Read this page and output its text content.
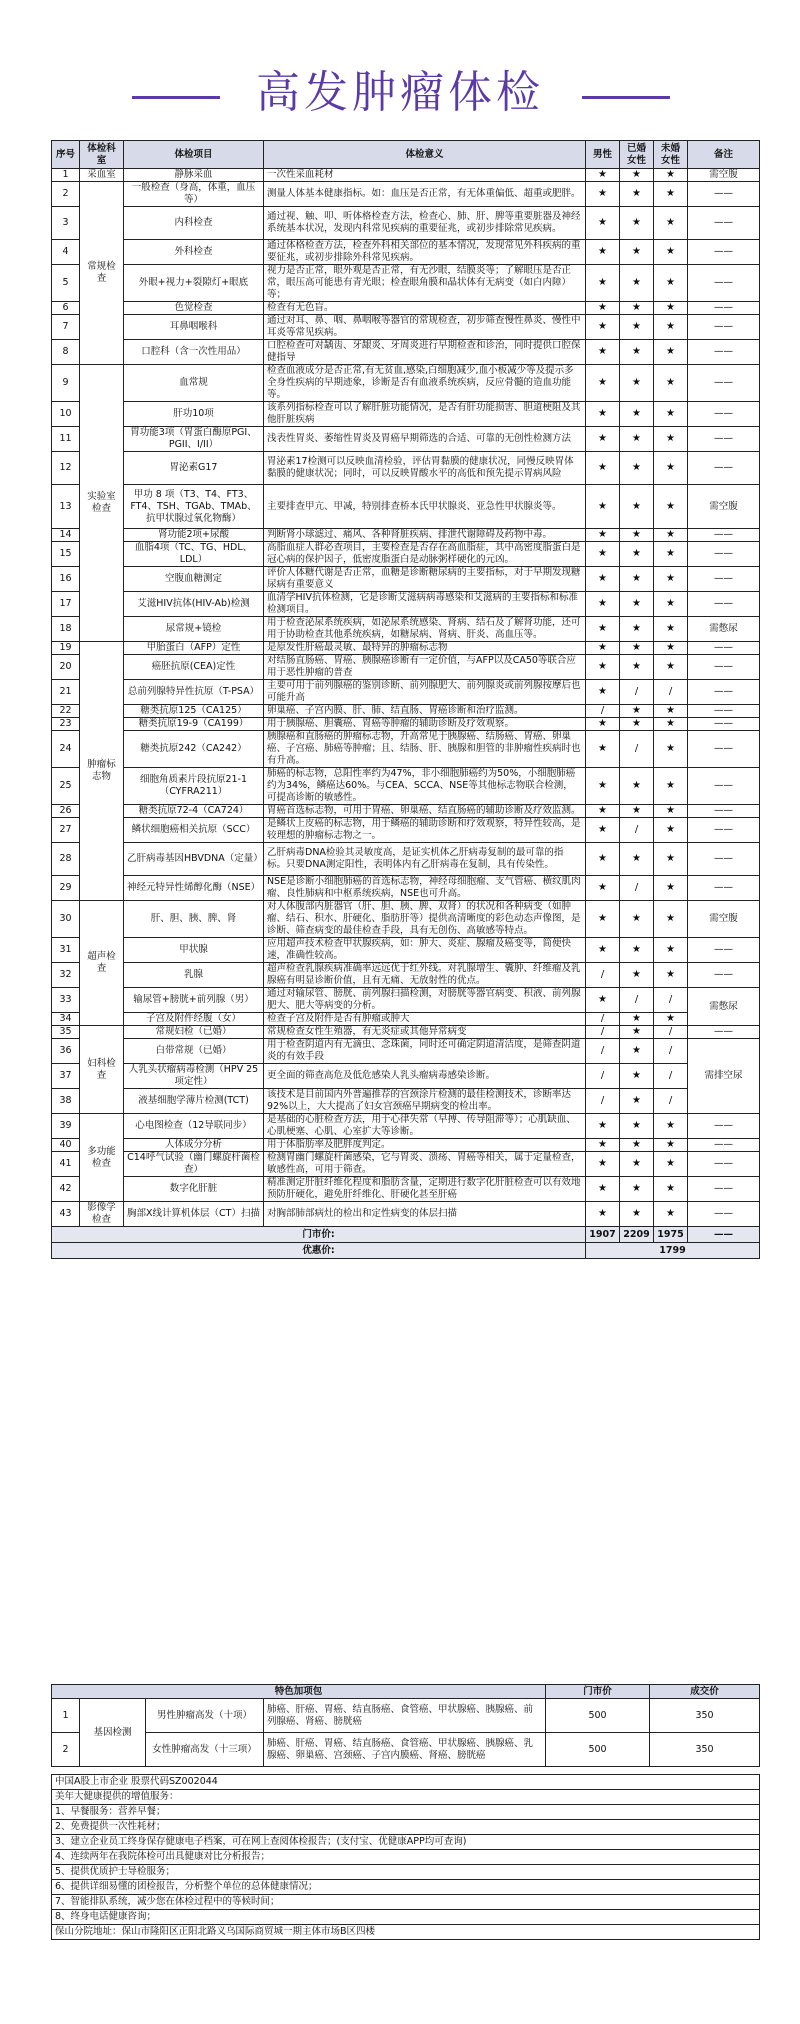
高发肿瘤体检
序号	体检科室	体检项目	体检意义	男性	已婚女性	未婚女性	备注
1	采血室	静脉采血	一次性采血耗材	★	★	★	需空腹
2	常规检查	一般检查（身高，体重，血压等）	测量人体基本健康指标。如：血压是否正常，有无体重偏低、超重或肥胖。	★	★	★	——
3		内科检查	通过视、触、叩、听体格检查方法，检查心、肺、肝、脾等重要脏器及神经系统基本状况，发现内科常见疾病的重要征兆，或初步排除常见疾病。	★	★	★	——
4		外科检查	通过体格检查方法，检查外科相关部位的基本情况，发现常见外科疾病的重要征兆，或初步排除外科常见疾病。	★	★	★	——
5		外眼+视力+裂隙灯+眼底	视力是否正常，眼外观是否正常，有无沙眼，结膜炎等；了解眼压是否正常，眼压高可能患有青光眼；检查眼角膜和晶状体有无病变（如白内障）等；	★	★	★	——
6		色觉检查	检查有无色盲。	★	★	★	——
7		耳鼻咽喉科	通过对耳、鼻、咽、鼻咽喉等器官的常规检查，初步筛查慢性鼻炎、慢性中耳炎等常见疾病。	★	★	★	——
8		口腔科（含一次性用品）	口腔检查可对龋齿、牙龈炎、牙周炎进行早期检查和诊治，同时提供口腔保健指导	★	★	★	——
9	实验室检查	血常规	检查血液成分是否正常,有无贫血,感染,白细胞减少,血小板减少等及提示多全身性疾病的早期迹象，诊断是否有血液系统疾病，反应骨髓的造血功能等。	★	★	★	——
10		肝功10项	该系列指标检查可以了解肝脏功能情况，是否有肝功能损害、胆道梗阻及其他肝脏疾病	★	★	★	——
11		胃功能3项（胃蛋白酶原PGI、PGII、I/II）	浅表性胃炎、萎缩性胃炎及胃癌早期筛选的合适、可靠的无创性检测方法	★	★	★	——
12		胃泌素G17	胃泌素17检测可以反映血清检验，评估胃黏膜的健康状况，同慢反映胃体黏膜的健康状况；同时，可以反映胃酸水平的高低和预先提示胃病风险	★	★	★	——
13		甲功 8 项（T3、T4、FT3、FT4、TSH、TGAb、TMAb、抗甲状腺过氧化物酶）	主要排查甲亢、甲减，特别排查桥本氏甲状腺炎、亚急性甲状腺炎等。	★	★	★	需空腹
14		肾功能2项+尿酸	判断肾小球滤过、痛风、各种肾脏疾病、排泄代谢障碍及药物中毒。	★	★	★	——
15		血脂4项（TC、TG、HDL、LDL）	高脂血症人群必查项目，主要检查是否存在高血脂症，其中高密度脂蛋白是冠心病的保护因子，低密度脂蛋白是动脉粥样硬化的元凶。	★	★	★	——
16		空腹血糖测定	评价人体糖代谢是否正常，血糖是诊断糖尿病的主要指标，对于早期发现糖尿病有重要意义	★	★	★	——
17		艾滋HIV抗体(HIV-Ab)检测	血清学HIV抗体检测，它是诊断艾滋病病毒感染和艾滋病的主要指标和标准检测项目。	★	★	★	——
18		尿常规+镜检	用于检查泌尿系统疾病，如泌尿系统感染、肾病、结石及了解肾功能，还可用于协助检查其他系统疾病，如糖尿病、肾病、肝炎、高血压等。	★	★	★	需憋尿
19	肿瘤标志物	甲胎蛋白（AFP）定性	是原发性肝癌最灵敏、最特异的肿瘤标志物	★	★	★	——
20		癌胚抗原(CEA)定性	对结肠直肠癌、胃癌、胰腺癌诊断有一定价值，与AFP以及CA50等联合应用于恶性肿瘤的普查	★	★	★	——
21		总前列腺特异性抗原（T-PSA）	主要可用于前列腺癌的鉴别诊断、前列腺肥大、前列腺炎或前列腺按摩后也可能升高	★	/	/	——
22		糖类抗原125（CA125）	卵巢癌、子宫内膜、肝、肺、结直肠、胃癌诊断和治疗监测。	/	★	★	——
23		糖类抗原19-9（CA199）	用于胰腺癌、胆囊癌、胃癌等肿瘤的辅助诊断及疗效观察。	★	★	★	——
24		糖类抗原242（CA242）	胰腺癌和直肠癌的肿瘤标志物，升高常见于胰腺癌、结肠癌、胃癌、卵巢癌、子宫癌、肺癌等肿瘤；且、结肠、肝、胰腺和胆管的非肿瘤性疾病时也有升高。	★	/	★	——
25		细胞角质素片段抗原21-1（CYFRA211）	肺癌的标志物，总阳性率约为47%，非小细胞肺癌约为50%，小细胞肺癌约为34%，鳞癌达60%。与CEA、SCCA、NSE等其他标志物联合检测，可提高诊断的敏感性。	★	★	★	——
26		糖类抗原72-4（CA724）	胃癌首选标志物，可用于胃癌、卵巢癌、结直肠癌的辅助诊断及疗效监测。	★	★	★	——
27		鳞状细胞癌相关抗原（SCC）	是鳞状上皮癌的标志物，用于鳞癌的辅助诊断和疗效观察，特异性较高，是较理想的肿瘤标志物之一。	★	/	★	——
28		乙肝病毒基因HBVDNA（定量）	乙肝病毒DNA检验其灵敏度高，是证实机体乙肝病毒复制的最可靠的指标。只要DNA测定阳性，表明体内有乙肝病毒在复制，具有传染性。	★	★	★	——
29		神经元特异性烯醇化酶（NSE）	NSE是诊断小细胞肺癌的首选标志物，神经母细胞瘤、支气管癌、横纹肌肉瘤、良性肺病和中枢系统疾病，NSE也可升高。	★	/	★	——
30	超声检查	肝、胆、胰、脾、肾	对人体腹部内脏器官（肝、胆、胰、脾、双肾）的状况和各种病变（如肿瘤、结石、积水、肝硬化、脂肪肝等）提供高清晰度的彩色动态声像图，是诊断、筛查病变的最佳检查手段，具有无创伤、高敏感等特点。	★	★	★	需空腹
31		甲状腺	应用超声技术检查甲状腺疾病，如：肿大、炎症、腺瘤及癌变等，简便快速，准确性较高。	★	★	★	——
32		乳腺	超声检查乳腺疾病准确率远远优于红外线。对乳腺增生、囊肿、纤维瘤及乳腺癌有明显诊断价值，且有无痛、无放射性的优点。	/	★	★	——
33		输尿管+膀胱+前列腺（男）	通过对输尿管、膀胱、前列腺扫描检测，对膀胱等器官病变、积液、前列腺肥大、肥大等病变的分析。	★	/	/	需憋尿
34		子宫及附件经腹（女）	检查子宫及附件是否有肿瘤或肿大	/	★	★	
35	妇科检查	常规妇检（已婚）	常规检查女性生殖器，有无炎症或其他异常病变	/	★	/	——
36		白带常规（已婚）	用于检查阴道内有无滴虫、念珠菌，同时还可确定阴道清洁度，是筛查阴道炎的有效手段	/	★	/	需排空尿
37		人乳头状瘤病毒检测（HPV 25项定性）	更全面的筛查高危及低危感染人乳头瘤病毒感染诊断。	/	★	/	
38		液基细胞学薄片检测(TCT)	该技术是目前国内外普遍推荐的宫颈涂片检测的最佳检测技术，诊断率达92%以上，大大提高了妇女宫颈癌早期病变的检出率。	/	★	/	
39	多功能检查	心电图检查（12导联同步）	是基础的心脏检查方法，用于心律失常（早搏、传导阻滞等）；心肌缺血、心肌梗塞、心肌、心室扩大等诊断。	★	★	★	——
40		人体成分分析	用于体脂肪率及肥胖度判定。	★	★	★	——
41		C14呼气试验（幽门螺旋杆菌检查）	检测胃幽门螺旋杆菌感染，它与胃炎、溃疡、胃癌等相关，属于定量检查，敏感性高，可用于筛查。	★	★	★	——
42		数字化肝脏	精准测定肝脏纤维化程度和脂肪含量，定期进行数字化肝脏检查可以有效地预防肝硬化，避免肝纤维化、肝硬化甚至肝癌	★	★	★	——
43	影像学检查	胸部X线计算机体层（CT）扫描	对胸部肺部病灶的检出和定性病变的体层扫描	★	★	★	——
门市价:				1907	2209	1975	——
优惠价:				1799			
特色加项包				门市价	成交价
1	基因检测	男性肿瘤高发（十项）	肺癌、肝癌、胃癌、结直肠癌、食管癌、甲状腺癌、胰腺癌、前列腺癌、肾癌、膀胱癌	500	350
2		女性肿瘤高发（十三项）	肺癌、肝癌、胃癌、结直肠癌、食管癌、甲状腺癌、胰腺癌、乳腺癌、卵巢癌、宫颈癌、子宫内膜癌、肾癌、膀胱癌	500	350
中国A股上市企业 股票代码SZ002044
美年大健康提供的增值服务：
1、早餐服务：营养早餐；
2、免费提供一次性耗材；
3、建立企业员工终身保存健康电子档案，可在网上查阅体检报告；(支付宝、优健康APP均可查询)
4、连续两年在我院体检可出具健康对比分析报告；
5、提供优质护士导检服务；
6、提供详细易懂的团检报告，分析整个单位的总体健康情况；
7、智能排队系统，减少您在体检过程中的等候时间；
8、终身电话健康咨询；
保山分院地址：保山市隆阳区正阳北路义乌国际商贸城一期主体市场B区四楼
